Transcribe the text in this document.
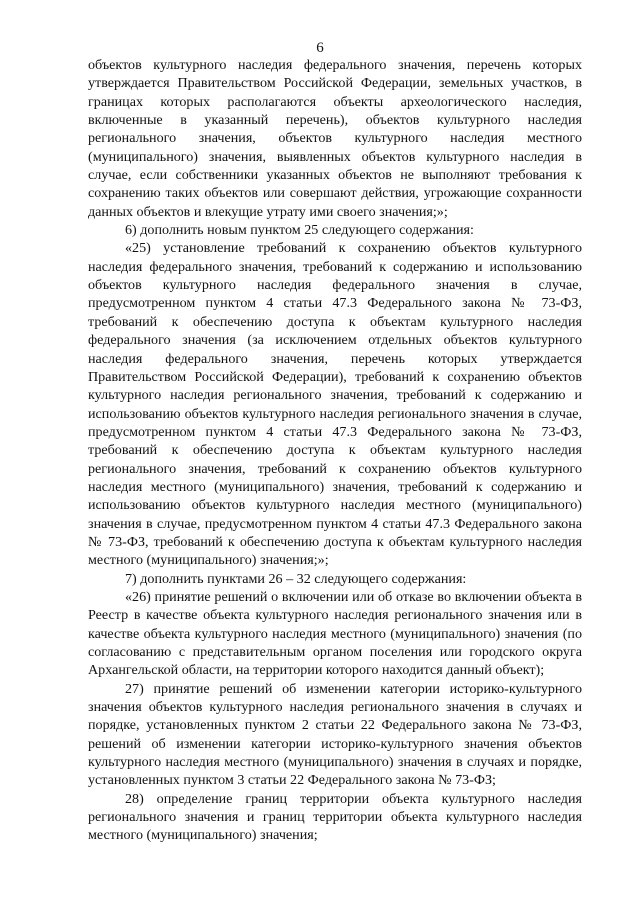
6

объектов культурного наследия федерального значения, перечень которых утверждается Правительством Российской Федерации, земельных участков, в границах которых располагаются объекты археологического наследия, включенные в указанный перечень), объектов культурного наследия регионального значения, объектов культурного наследия местного (муниципального) значения, выявленных объектов культурного наследия в случае, если собственники указанных объектов не выполняют требования к сохранению таких объектов или совершают действия, угрожающие сохранности данных объектов и влекущие утрату ими своего значения;»;

6) дополнить новым пунктом 25 следующего содержания:

«25) установление требований к сохранению объектов культурного наследия федерального значения, требований к содержанию и использованию объектов культурного наследия федерального значения в случае, предусмотренном пунктом 4 статьи 47.3 Федерального закона № 73-ФЗ, требований к обеспечению доступа к объектам культурного наследия федерального значения (за исключением отдельных объектов культурного наследия федерального значения, перечень которых утверждается Правительством Российской Федерации), требований к сохранению объектов культурного наследия регионального значения, требований к содержанию и использованию объектов культурного наследия регионального значения в случае, предусмотренном пунктом 4 статьи 47.3 Федерального закона № 73-ФЗ, требований к обеспечению доступа к объектам культурного наследия регионального значения, требований к сохранению объектов культурного наследия местного (муниципального) значения, требований к содержанию и использованию объектов культурного наследия местного (муниципального) значения в случае, предусмотренном пунктом 4 статьи 47.3 Федерального закона № 73-ФЗ, требований к обеспечению доступа к объектам культурного наследия местного (муниципального) значения;»;

7) дополнить пунктами 26 – 32 следующего содержания:

«26) принятие решений о включении или об отказе во включении объекта в Реестр в качестве объекта культурного наследия регионального значения или в качестве объекта культурного наследия местного (муниципального) значения (по согласованию с представительным органом поселения или городского округа Архангельской области, на территории которого находится данный объект);

27) принятие решений об изменении категории историко-культурного значения объектов культурного наследия регионального значения в случаях и порядке, установленных пунктом 2 статьи 22 Федерального закона № 73-ФЗ, решений об изменении категории историко-культурного значения объектов культурного наследия местного (муниципального) значения в случаях и порядке, установленных пунктом 3 статьи 22 Федерального закона № 73-ФЗ;

28) определение границ территории объекта культурного наследия регионального значения и границ территории объекта культурного наследия местного (муниципального) значения;
